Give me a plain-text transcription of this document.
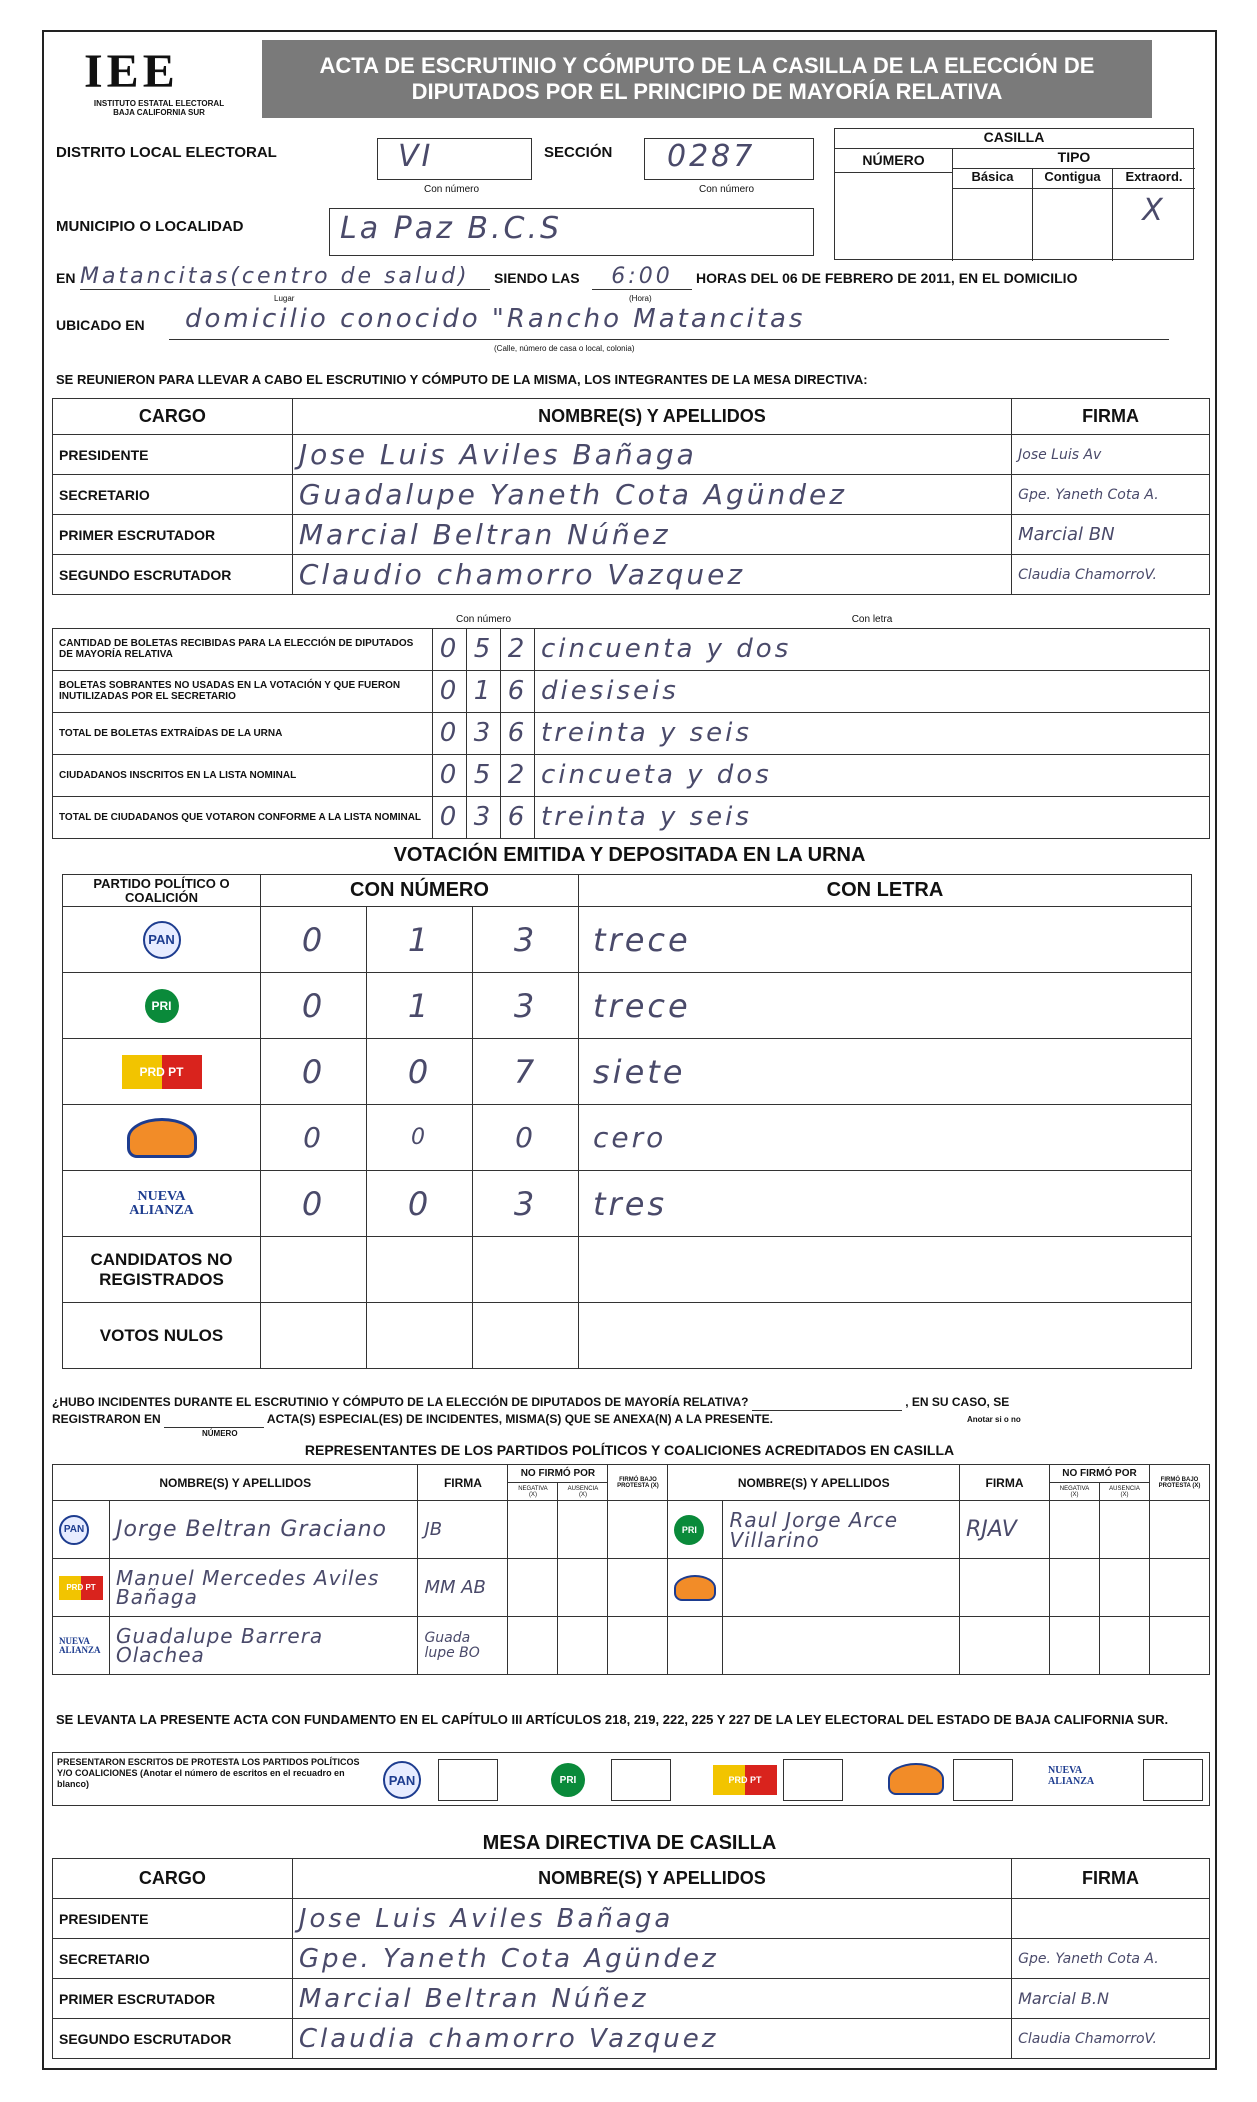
IEE
INSTITUTO ESTATAL ELECTORAL BAJA CALIFORNIA SUR
ACTA DE ESCRUTINIO Y CÓMPUTO DE LA CASILLA DE LA ELECCIÓN DE DIPUTADOS POR EL PRINCIPIO DE MAYORÍA RELATIVA
DISTRITO LOCAL ELECTORAL	VI
Con número
SECCIÓN 0287
Con número
CASILLA
NÚMERO	TIPO
Básica	Contigua	Extraord.
X
MUNICIPIO O LOCALIDAD	La Paz B.C.S
EN Matancitas(centro de salud)
Lugar
SIENDO LAS	6:00
(Hora)
HORAS DEL 06 DE FEBRERO DE 2011, EN EL DOMICILIO
UBICADO EN	domicilio conocido "Rancho Matancitas
(Calle, número de casa o local, colonia)
SE REUNIERON PARA LLEVAR A CABO EL ESCRUTINIO Y CÓMPUTO DE LA MISMA, LOS INTEGRANTES DE LA MESA DIRECTIVA:
CARGO	NOMBRE(S) Y APELLIDOS	FIRMA
PRESIDENTE	Jose Luis Aviles Bañaga	Jose Luis Av
SECRETARIO	Guadalupe Yaneth Cota Agündez	Gpe. Yaneth Cota A.
PRIMER ESCRUTADOR	Marcial Beltran Núñez	Marcial BN
SEGUNDO ESCRUTADOR	Claudio chamorro Vazquez	Claudia ChamorroV.
	Con número			Con letra
CANTIDAD DE BOLETAS RECIBIDAS PARA LA ELECCIÓN DE DIPUTADOS DE MAYORÍA RELATIVA	0	5	2	cincuenta y dos
BOLETAS SOBRANTES NO USADAS EN LA VOTACIÓN Y QUE FUERON INUTILIZADAS POR EL SECRETARIO	0	1	6	diesiseis
TOTAL DE BOLETAS EXTRAÍDAS DE LA URNA	0	3	6	treinta y seis
CIUDADANOS INSCRITOS EN LA LISTA NOMINAL	0	5	2	cincueta y dos
TOTAL DE CIUDADANOS QUE VOTARON CONFORME A LA LISTA NOMINAL	0	3	6	treinta y seis
VOTACIÓN EMITIDA Y DEPOSITADA EN LA URNA
PARTIDO POLÍTICO O COALICIÓN	CON NÚMERO			CON LETRA

PAN	0	1	3	trece

PRI	0	1	3	trece

PRD PT	0	0	7	siete

	0	0	0	cero

NUEVA ALIANZA	0	0	3	tres
CANDIDATOS NO REGISTRADOS				
VOTOS NULOS				
¿HUBO INCIDENTES DURANTE EL ESCRUTINIO Y CÓMPUTO DE LA ELECCIÓN DE DIPUTADOS DE MAYORÍA RELATIVA?	, EN SU CASO, SE
REGISTRARON EN	ACTA(S) ESPECIAL(ES) DE INCIDENTES, MISMA(S) QUE SE ANEXA(N) A LA PRESENTE.
NÚMERO
Anotar si o no
REPRESENTANTES DE LOS PARTIDOS POLÍTICOS Y COALICIONES ACREDITADOS EN CASILLA
NOMBRE(S) Y APELLIDOS		FIRMA	NO FIRMÓ POR		FIRMÓ BAJO PROTESTA (X)	NOMBRE(S) Y APELLIDOS		FIRMA	NO FIRMÓ POR		FIRMÓ BAJO PROTESTA (X)
			NEGATIVA (X)	AUSENCIA (X)					NEGATIVA (X)	AUSENCIA (X)	

PAN	Jorge Beltran Graciano	JB				PRI	Raul Jorge Arce Villarino	RJAV			

PRD PT	Manuel Mercedes Aviles Bañaga	MM AB				

NUEVA ALIANZA	Guadalupe Barrera Olachea	Guada lupe BO									
SE LEVANTA LA PRESENTE ACTA CON FUNDAMENTO EN EL CAPÍTULO III ARTÍCULOS 218, 219, 222, 225 Y 227 DE LA LEY ELECTORAL DEL ESTADO DE BAJA CALIFORNIA SUR.
PRESENTARON ESCRITOS DE PROTESTA LOS PARTIDOS POLÍTICOS Y/O COALICIONES (Anotar el número de escritos en el recuadro en blanco)	PAN	PRI	PRD PT
NUEVA ALIANZA
MESA DIRECTIVA DE CASILLA
CARGO	NOMBRE(S) Y APELLIDOS	FIRMA
PRESIDENTE	Jose Luis Aviles Bañaga	
SECRETARIO	Gpe. Yaneth Cota Agündez	Gpe. Yaneth Cota A.
PRIMER ESCRUTADOR	Marcial Beltran Núñez	Marcial B.N
SEGUNDO ESCRUTADOR	Claudia chamorro Vazquez	Claudia ChamorroV.
